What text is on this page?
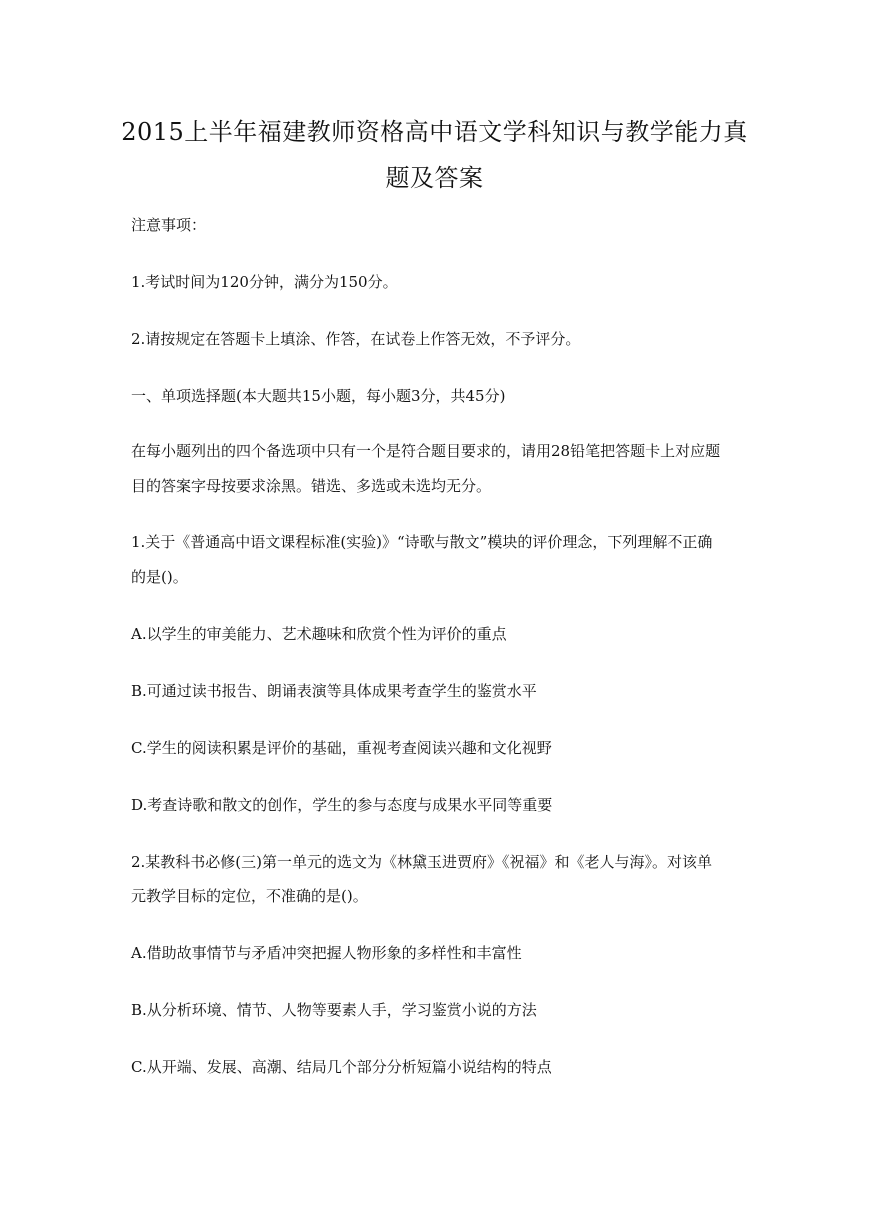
2015上半年福建教师资格高中语文学科知识与教学能力真
题及答案
注意事项：
1.考试时间为120分钟，满分为150分。
2.请按规定在答题卡上填涂、作答，在试卷上作答无效，不予评分。
一、单项选择题(本大题共15小题，每小题3分，共45分)
在每小题列出的四个备选项中只有一个是符合题目要求的，请用28铅笔把答题卡上对应题
目的答案字母按要求涂黑。错选、多选或未选均无分。
1.关于《普通高中语文课程标准(实验)》“诗歌与散文”模块的评价理念，下列理解不正确
的是()。
A.以学生的审美能力、艺术趣味和欣赏个性为评价的重点
B.可通过读书报告、朗诵表演等具体成果考查学生的鉴赏水平
C.学生的阅读积累是评价的基础，重视考查阅读兴趣和文化视野
D.考查诗歌和散文的创作，学生的参与态度与成果水平同等重要
2.某教科书必修(三)第一单元的选文为《林黛玉进贾府》《祝福》和《老人与海》。对该单
元教学目标的定位，不准确的是()。
A.借助故事情节与矛盾冲突把握人物形象的多样性和丰富性
B.从分析环境、情节、人物等要素人手，学习鉴赏小说的方法
C.从开端、发展、高潮、结局几个部分分析短篇小说结构的特点
